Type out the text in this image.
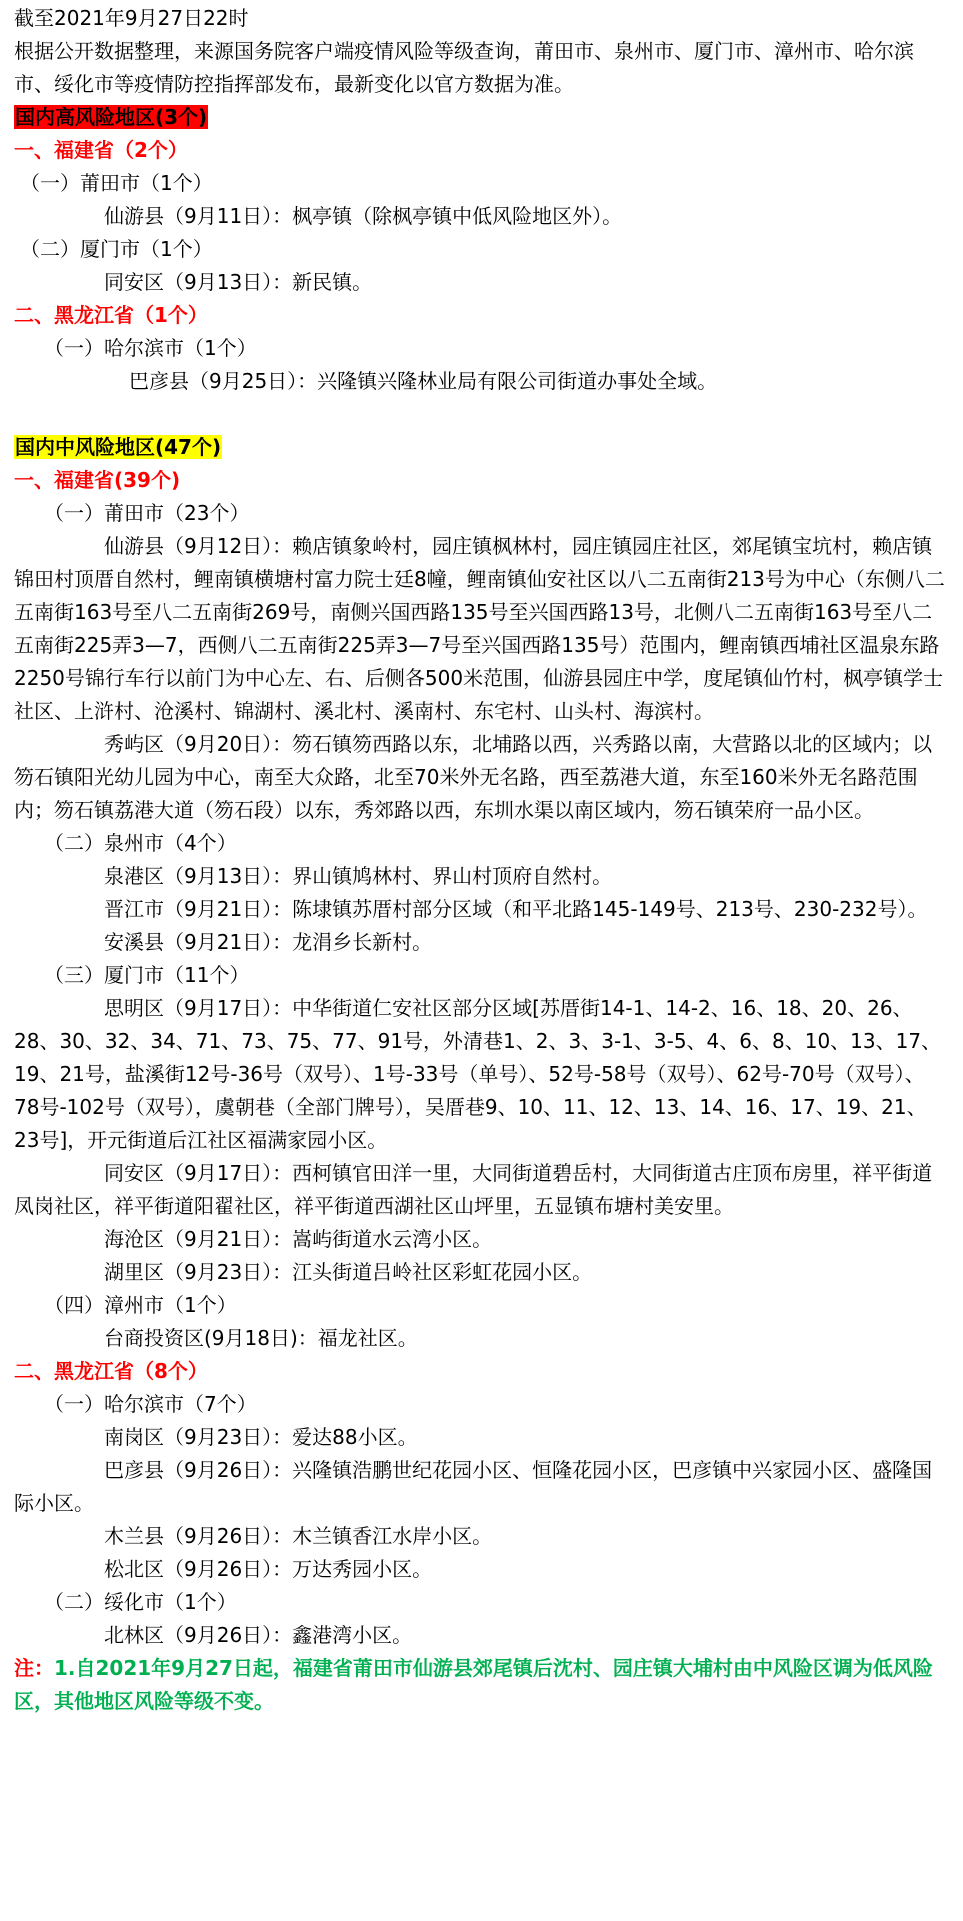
截至2021年9月27日22时

根据公开数据整理，来源国务院客户端疫情风险等级查询，莆田市、泉州市、厦门市、漳州市、哈尔滨市、绥化市等疫情防控指挥部发布，最新变化以官方数据为准。

国内高风险地区(3个)

一、福建省（2个）

（一）莆田市（1个）

仙游县（9月11日）：枫亭镇（除枫亭镇中低风险地区外）。

（二）厦门市（1个）

同安区（9月13日）：新民镇。

二、黑龙江省（1个）

（一）哈尔滨市（1个）

巴彦县（9月25日）：兴隆镇兴隆林业局有限公司街道办事处全域。

国内中风险地区(47个)

一、福建省(39个)

（一）莆田市（23个）

仙游县（9月12日）：赖店镇象岭村，园庄镇枫林村，园庄镇园庄社区，郊尾镇宝坑村，赖店镇锦田村顶厝自然村，鲤南镇横塘村富力院士廷8幢，鲤南镇仙安社区以八二五南街213号为中心（东侧八二五南街163号至八二五南街269号，南侧兴国西路135号至兴国西路13号，北侧八二五南街163号至八二五南街225弄3—7，西侧八二五南街225弄3—7号至兴国西路135号）范围内，鲤南镇西埔社区温泉东路2250号锦行车行以前门为中心左、右、后侧各500米范围，仙游县园庄中学，度尾镇仙竹村，枫亭镇学士社区、上浒村、沧溪村、锦湖村、溪北村、溪南村、东宅村、山头村、海滨村。

秀屿区（9月20日）：笏石镇笏西路以东，北埔路以西，兴秀路以南，大营路以北的区域内；以笏石镇阳光幼儿园为中心，南至大众路，北至70米外无名路，西至荔港大道，东至160米外无名路范围内；笏石镇荔港大道（笏石段）以东，秀郊路以西，东圳水渠以南区域内，笏石镇荣府一品小区。

（二）泉州市（4个）

泉港区（9月13日）：界山镇鸠林村、界山村顶府自然村。

晋江市（9月21日）：陈埭镇苏厝村部分区域（和平北路145-149号、213号、230-232号）。

安溪县（9月21日）：龙涓乡长新村。

（三）厦门市（11个）

思明区（9月17日）：中华街道仁安社区部分区域[苏厝街14-1、14-2、16、18、20、26、28、30、32、34、71、73、75、77、91号，外清巷1、2、3、3-1、3-5、4、6、8、10、13、17、19、21号，盐溪街12号-36号（双号）、1号-33号（单号）、52号-58号（双号）、62号-70号（双号）、78号-102号（双号），虞朝巷（全部门牌号），吴厝巷9、10、11、12、13、14、16、17、19、21、23号]，开元街道后江社区福满家园小区。

同安区（9月17日）：西柯镇官田洋一里，大同街道碧岳村，大同街道古庄顶布房里，祥平街道凤岗社区，祥平街道阳翟社区，祥平街道西湖社区山坪里，五显镇布塘村美安里。

海沧区（9月21日）：嵩屿街道水云湾小区。

湖里区（9月23日）：江头街道吕岭社区彩虹花园小区。

（四）漳州市（1个）

台商投资区(9月18日)：福龙社区。

二、黑龙江省（8个）

（一）哈尔滨市（7个）

南岗区（9月23日）：爱达88小区。

巴彦县（9月26日）：兴隆镇浩鹏世纪花园小区、恒隆花园小区，巴彦镇中兴家园小区、盛隆国际小区。

木兰县（9月26日）：木兰镇香江水岸小区。

松北区（9月26日）：万达秀园小区。

（二）绥化市（1个）

北林区（9月26日）：鑫港湾小区。

注：1.自2021年9月27日起，福建省莆田市仙游县郊尾镇后沈村、园庄镇大埔村由中风险区调为低风险区，其他地区风险等级不变。
